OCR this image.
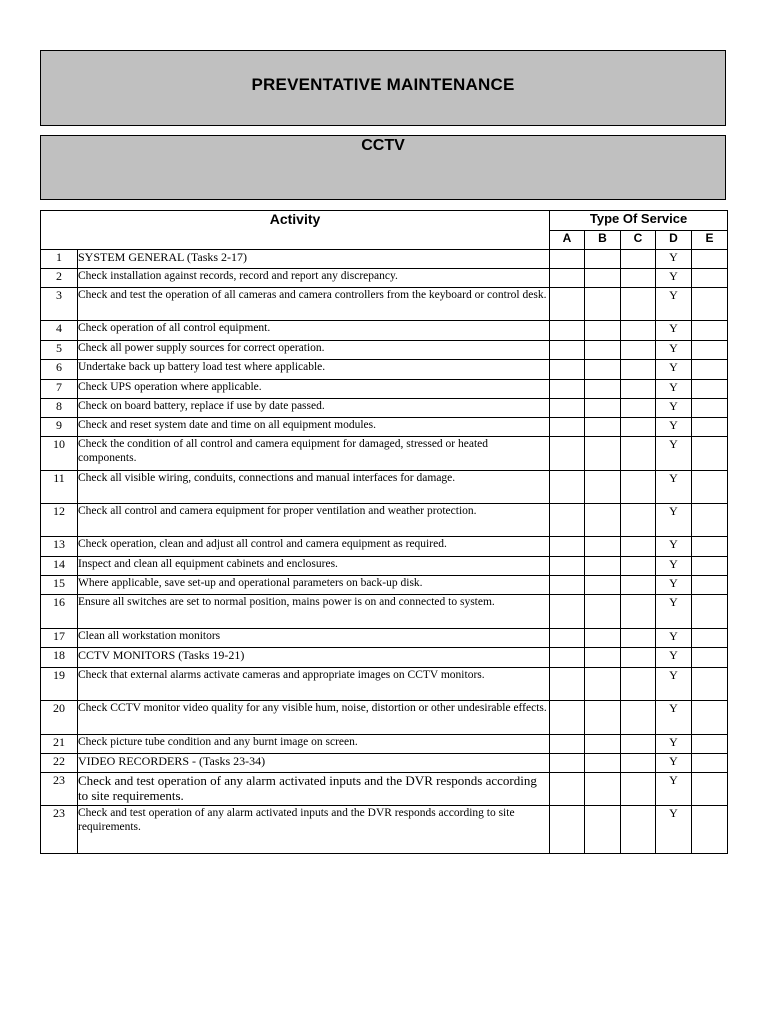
PREVENTATIVE MAINTENANCE
CCTV
Activity		Type Of Service				
		A	B	C	D	E
1	SYSTEM GENERAL (Tasks 2-17)				Y	
2	Check installation against records, record and report any discrepancy.				Y	
3	Check and test the operation of all cameras and camera controllers from the keyboard or control desk.				Y	
4	Check operation of all control equipment.				Y	
5	Check all power supply sources for correct operation.				Y	
6	Undertake back up battery load test where applicable.				Y	
7	Check UPS operation where applicable.				Y	
8	Check on board battery, replace if use by date passed.				Y	
9	Check and reset system date and time on all equipment modules.				Y	
10	Check the condition of all control and camera equipment for damaged, stressed or heated components.				Y	
11	Check all visible wiring, conduits, connections and manual interfaces for damage.				Y	
12	Check all control and camera equipment for proper ventilation and weather protection.				Y	
13	Check operation, clean and adjust all control and camera equipment as required.				Y	
14	Inspect and clean all equipment cabinets and enclosures.				Y	
15	Where applicable, save set-up and operational parameters on back-up disk.				Y	
16	Ensure all switches are set to normal position, mains power is on and connected to system.				Y	
17	Clean all workstation monitors				Y	
18	CCTV MONITORS (Tasks 19-21)				Y	
19	Check that external alarms activate cameras and appropriate images on CCTV monitors.				Y	
20	Check CCTV monitor video quality for any visible hum, noise, distortion or other undesirable effects.				Y	
21	Check picture tube condition and any burnt image on screen.				Y	
22	VIDEO RECORDERS - (Tasks 23-34)				Y	
23	Check and test operation of any alarm activated inputs and the DVR responds according to site requirements.				Y	
23	Check and test operation of any alarm activated inputs and the DVR responds according to site requirements.				Y	
